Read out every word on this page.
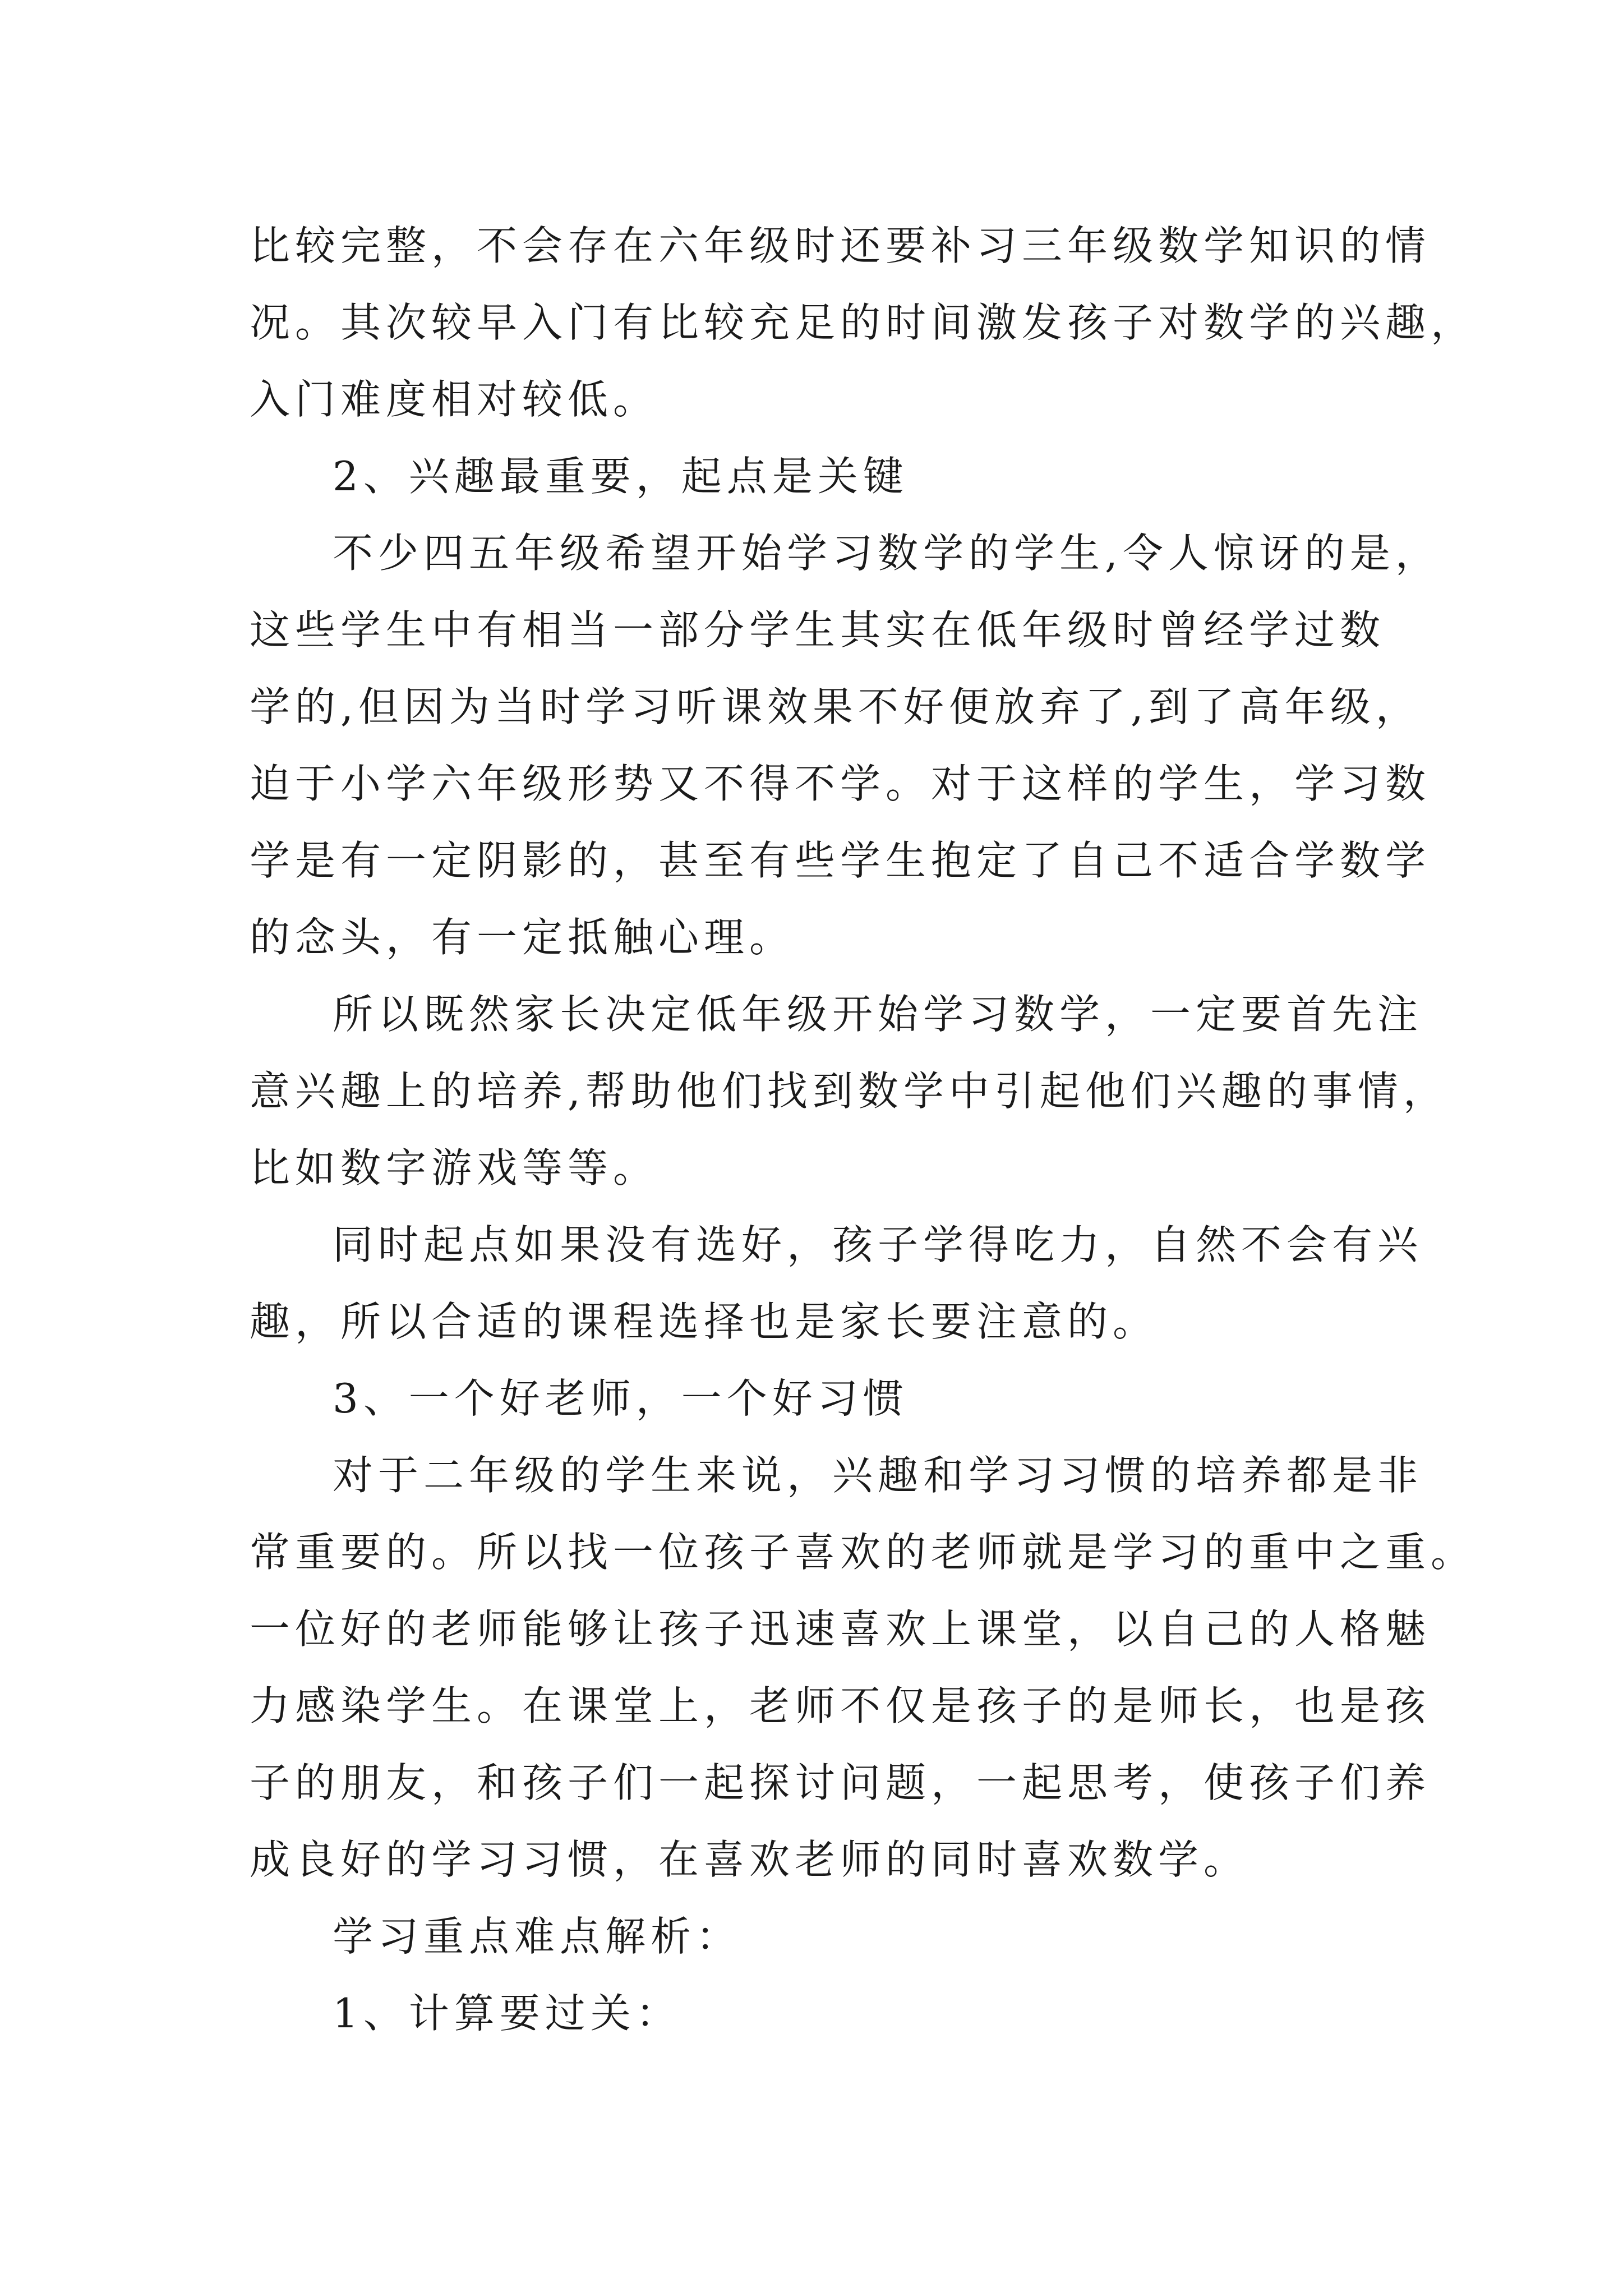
比较完整，不会存在六年级时还要补习三年级数学知识的情
况。其次较早入门有比较充足的时间激发孩子对数学的兴趣，
入门难度相对较低。
2、兴趣最重要，起点是关键
不少四五年级希望开始学习数学的学生,令人惊讶的是，
这些学生中有相当一部分学生其实在低年级时曾经学过数
学的,但因为当时学习听课效果不好便放弃了,到了高年级，
迫于小学六年级形势又不得不学。对于这样的学生，学习数
学是有一定阴影的，甚至有些学生抱定了自己不适合学数学
的念头，有一定抵触心理。
所以既然家长决定低年级开始学习数学，一定要首先注
意兴趣上的培养,帮助他们找到数学中引起他们兴趣的事情，
比如数字游戏等等。
同时起点如果没有选好，孩子学得吃力，自然不会有兴
趣，所以合适的课程选择也是家长要注意的。
3、一个好老师，一个好习惯
对于二年级的学生来说，兴趣和学习习惯的培养都是非
常重要的。所以找一位孩子喜欢的老师就是学习的重中之重。
一位好的老师能够让孩子迅速喜欢上课堂，以自己的人格魅
力感染学生。在课堂上，老师不仅是孩子的是师长，也是孩
子的朋友，和孩子们一起探讨问题，一起思考，使孩子们养
成良好的学习习惯，在喜欢老师的同时喜欢数学。
学习重点难点解析：
1、计算要过关：
